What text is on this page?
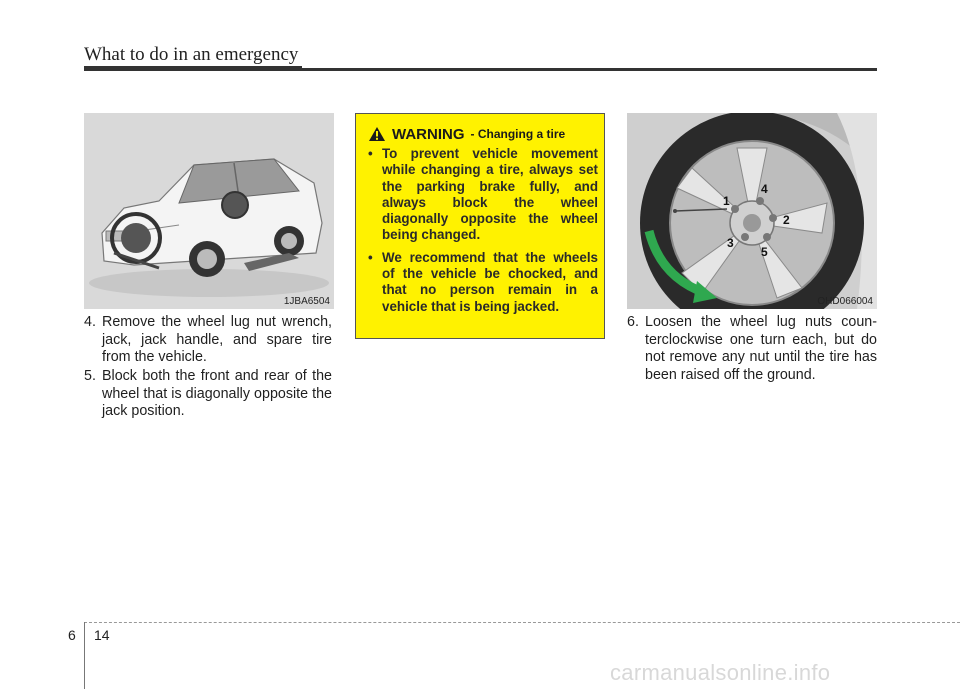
What to do in an emergency
1JBA6504
4. Remove the wheel lug nut wrench, jack, jack handle, and spare tire from the vehicle.
5. Block both the front and rear of the wheel that is diagonally opposite the jack position.
WARNING - Changing a tire
• To prevent vehicle movement while changing a tire, always set the parking brake fully, and always block the wheel diagonally opposite the wheel being changed.
• We recommend that the wheels of the vehicle be chocked, and that no person remain in a vehicle that is being jacked.
1
2
3
4
5
OHD066004
6. Loosen the wheel lug nuts coun-terclockwise one turn each, but do not remove any nut until the tire has been raised off the ground.
6 14
carmanualsonline.info
